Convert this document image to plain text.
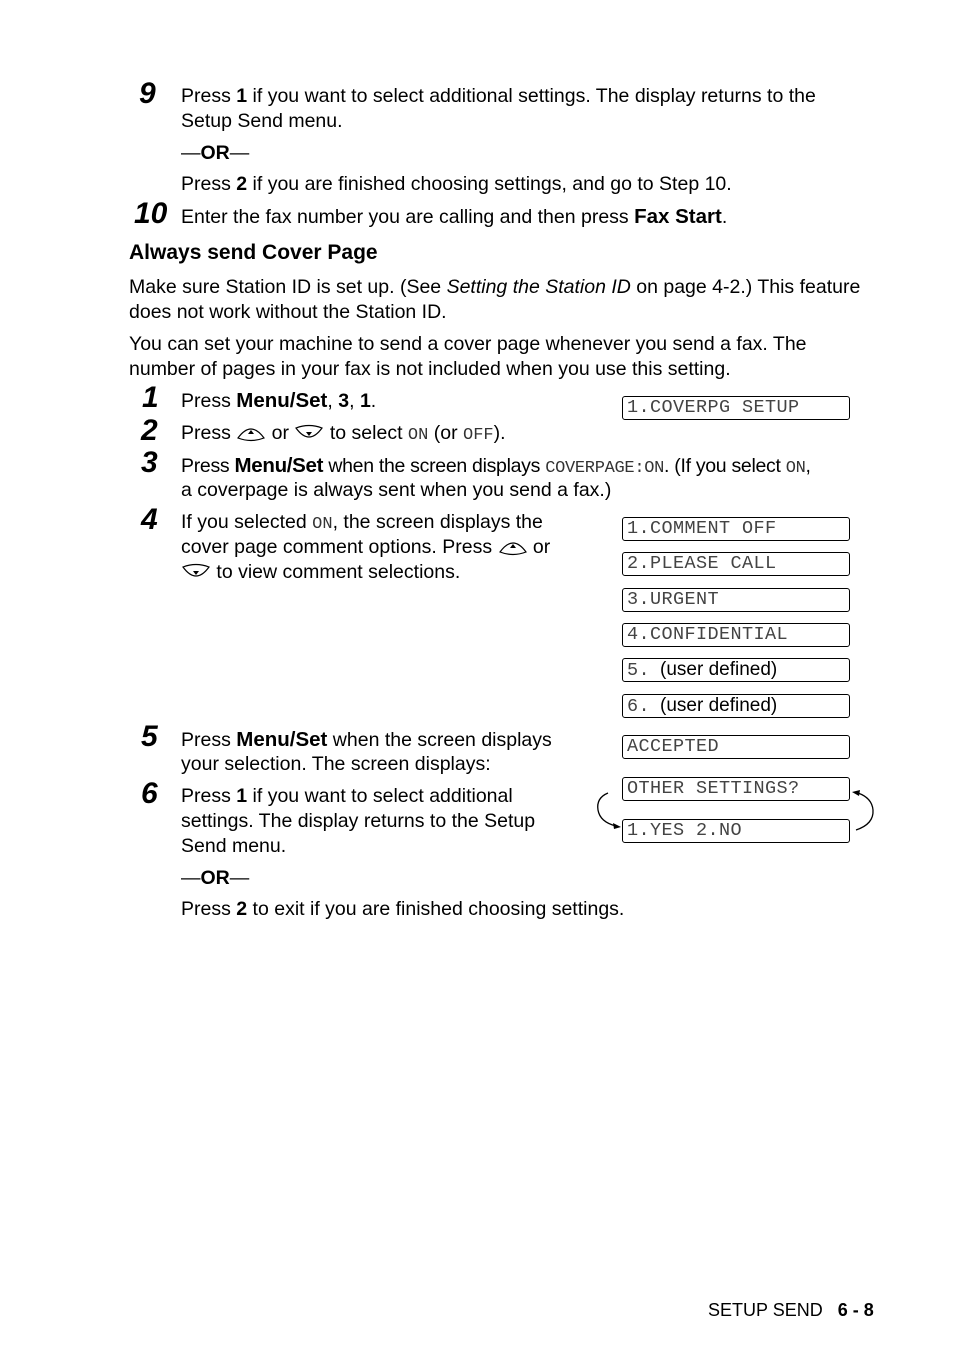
9 Press 1 if you want to select additional settings. The display returns to the
Setup Send menu.
—OR—
Press 2 if you are finished choosing settings, and go to Step 10.
10 Enter the fax number you are calling and then press Fax Start.
Always send Cover Page
Make sure Station ID is set up. (See Setting the Station ID on page 4-2.) This feature
does not work without the Station ID.
You can set your machine to send a cover page whenever you send a fax. The
number of pages in your fax is not included when you use this setting.
1 Press Menu/Set, 3, 1.	1.COVERPG SETUP
2 Press  or  to select ON (or OFF).
3 Press Menu/Set when the screen displays COVERPAGE:ON. (If you select ON,
a coverpage is always sent when you send a fax.)
4 If you selected ON, the screen displays the
cover page comment options. Press  or
to view comment selections.
1.COMMENT OFF
2.PLEASE CALL
3.URGENT
4.CONFIDENTIAL
5. (user defined)
6. (user defined)
5 Press Menu/Set when the screen displays
your selection. The screen displays:
ACCEPTED
6 Press 1 if you want to select additional
settings. The display returns to the Setup
Send menu.
—OR—
Press 2 to exit if you are finished choosing settings.
OTHER SETTINGS?
1.YES 2.NO
SETUP SEND 6 - 8
